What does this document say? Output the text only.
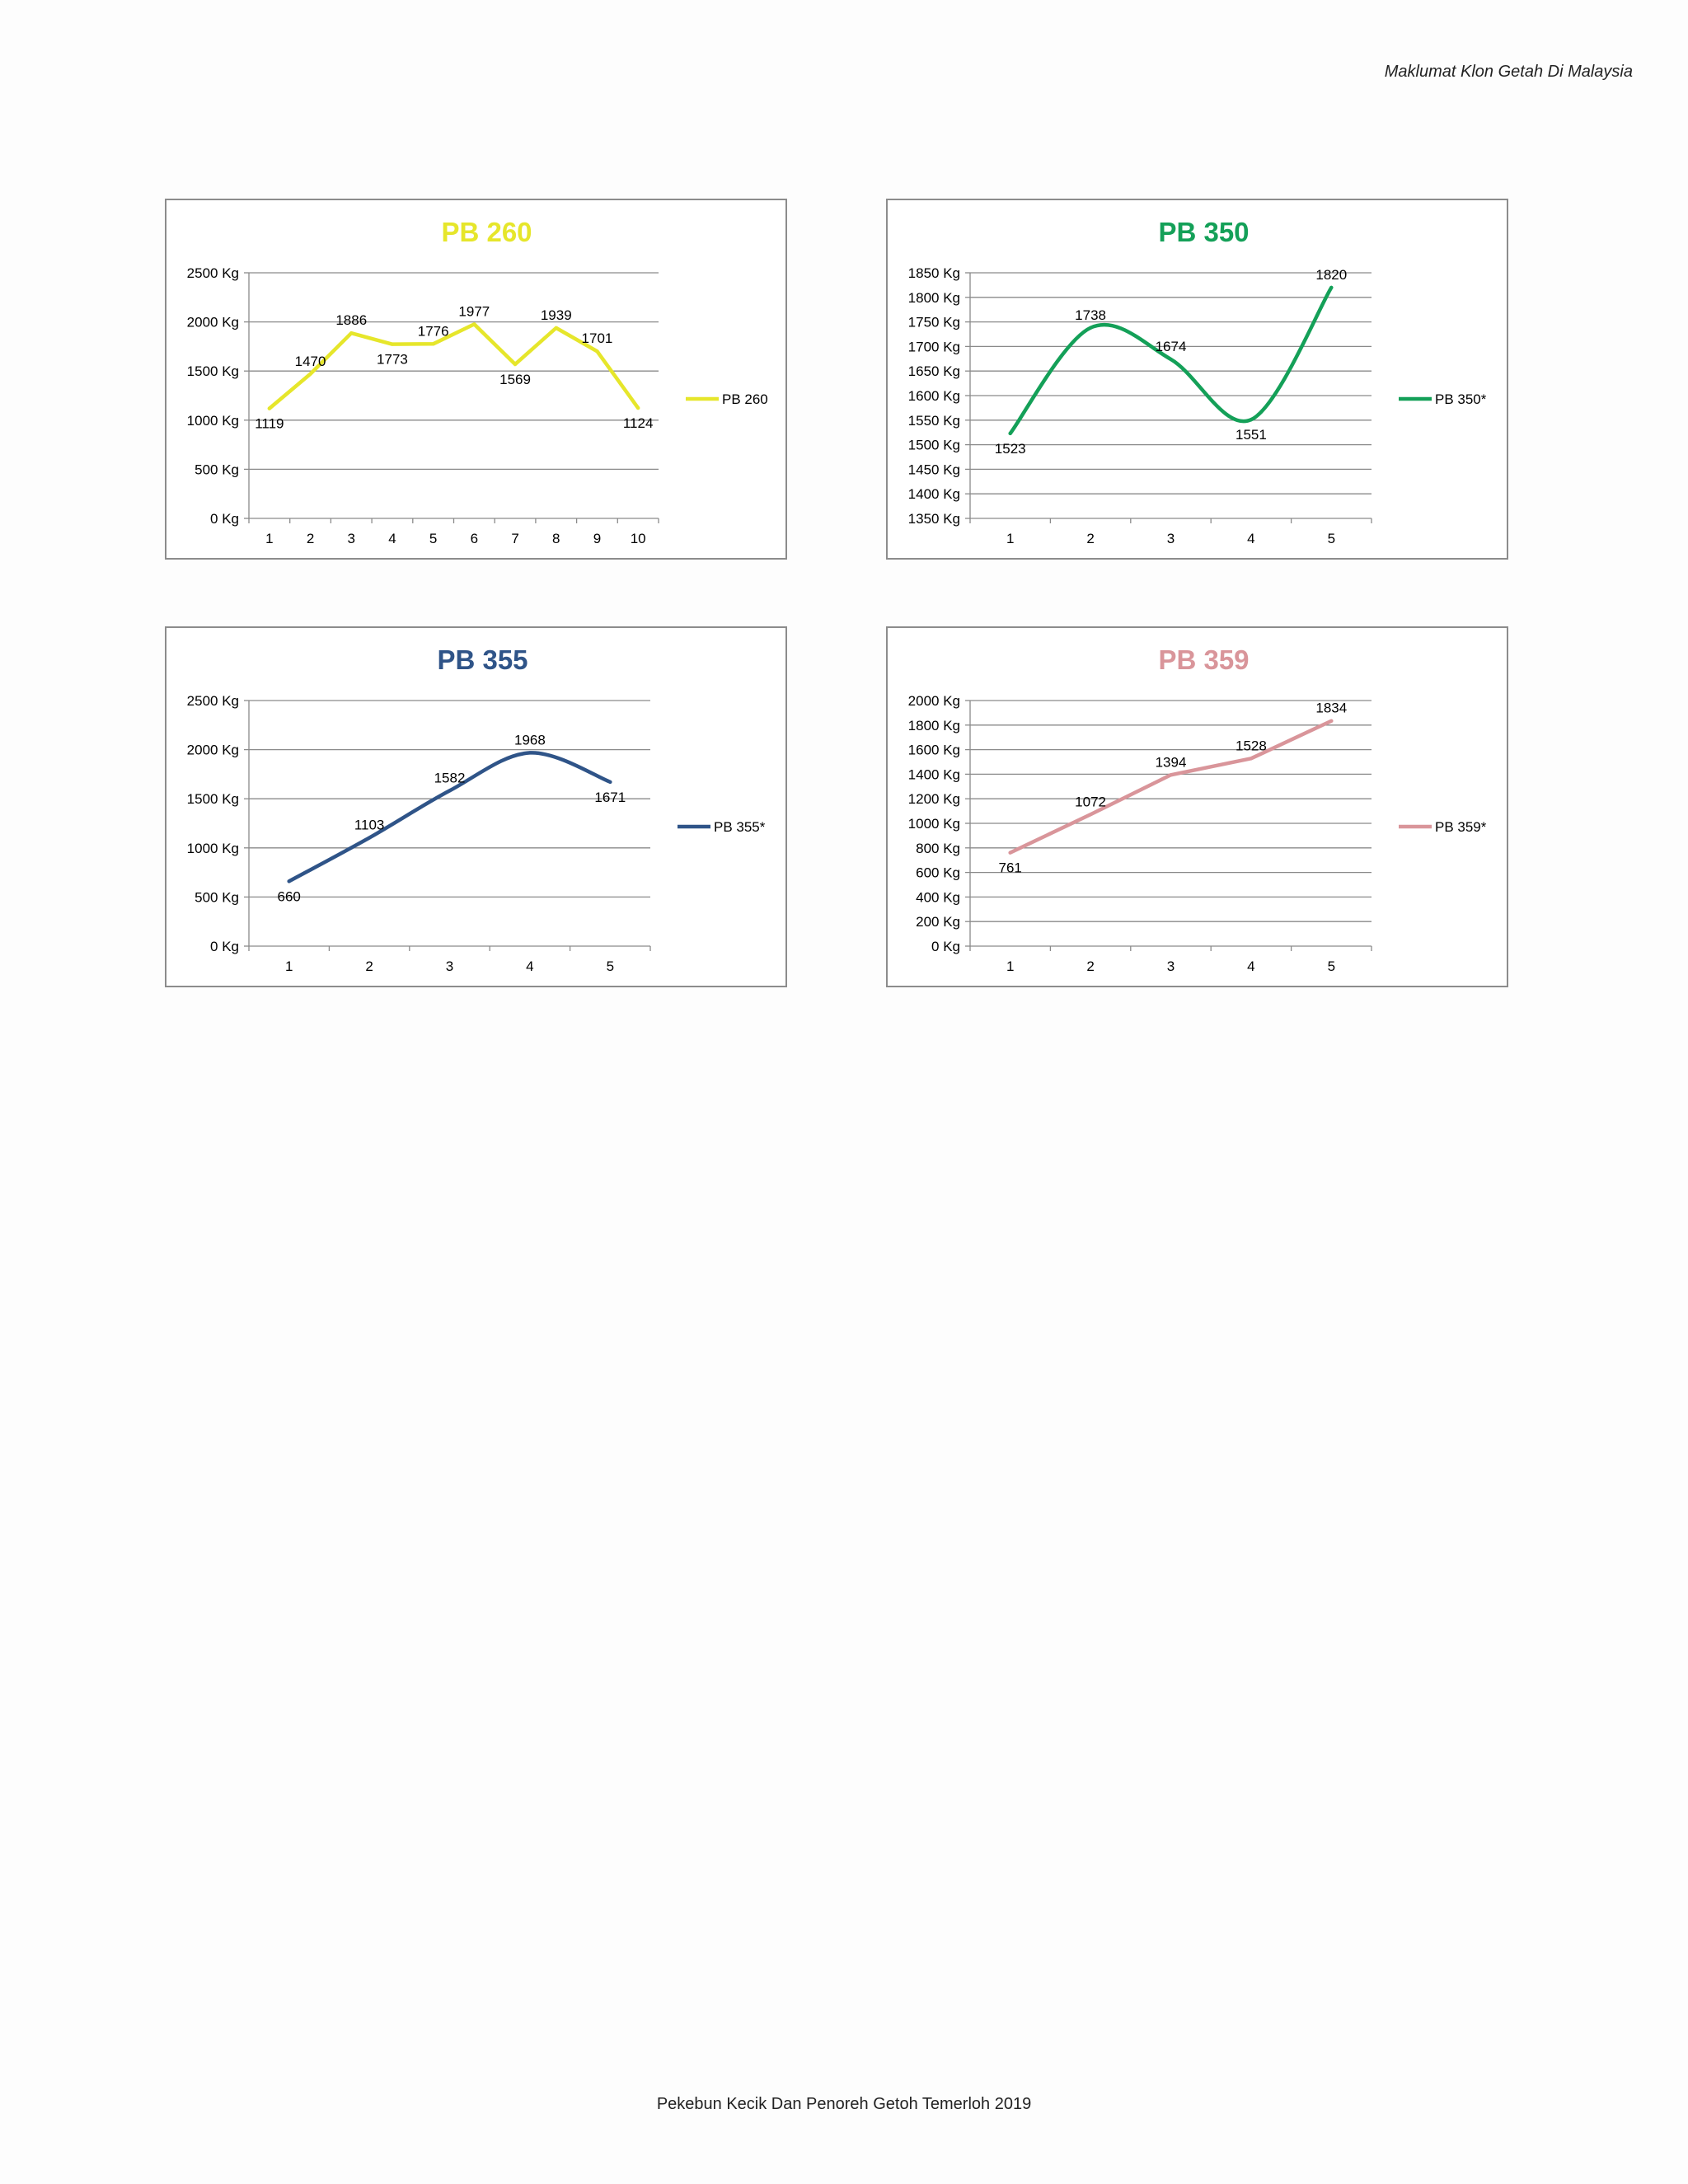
Maklumat Klon Getah Di Malaysia
PB 260
0 Kg
500 Kg
1000 Kg
1500 Kg
2000 Kg
2500 Kg
1 2 3 4 5 6 7 8 9 10
1119
1470
1886
1773
1776
1977
1569
1939
1701
1124
PB 260
PB 350
1350 Kg
1400 Kg
1450 Kg
1500 Kg
1550 Kg
1600 Kg
1650 Kg
1700 Kg
1750 Kg
1800 Kg
1850 Kg
1	2	3	4	5
1523
1738
1674
1551
1820
PB 350*
PB 355
0 Kg
500 Kg
1000 Kg
1500 Kg
2000 Kg
2500 Kg
1	2	3	4	5
660
1103
1582
1968
1671
PB 355*
PB 359
0 Kg
200 Kg
400 Kg
600 Kg
800 Kg
1000 Kg
1200 Kg
1400 Kg
1600 Kg
1800 Kg
2000 Kg
1	2	3	4	5
761
1072
1394
1528
1834
PB 359*
Pekebun Kecik Dan Penoreh Getoh Temerloh 2019
